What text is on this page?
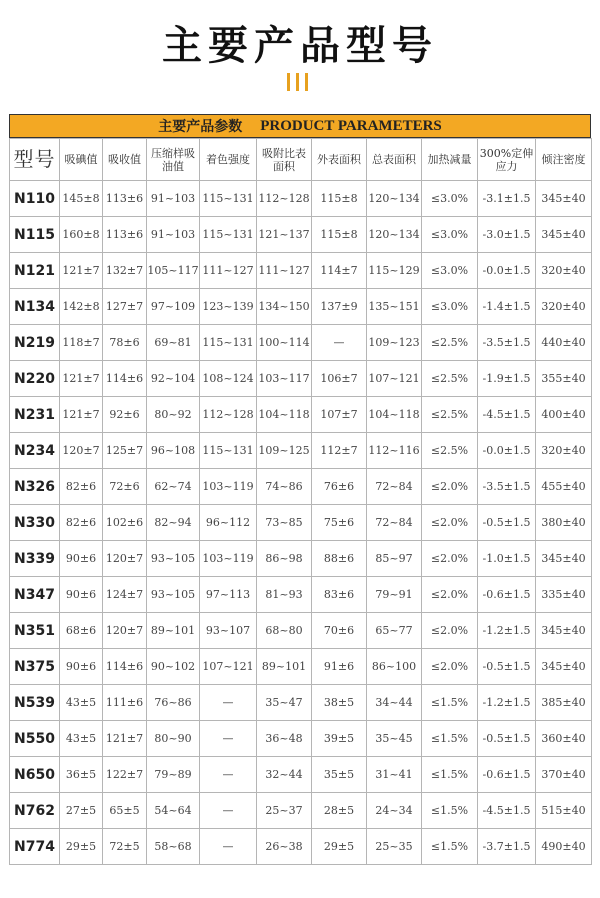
主要产品型号
主要产品参数 PRODUCT PARAMETERS
型号	吸碘值	吸收值	压缩样吸油值	着色强度	吸附比表面积	外表面积	总表面积	加热减量	300%定伸应力	倾注密度
N110	145±8	113±6	91~103	115~131	112~128	115±8	120~134	≤3.0%	-3.1±1.5	345±40
N115	160±8	113±6	91~103	115~131	121~137	115±8	120~134	≤3.0%	-3.0±1.5	345±40
N121	121±7	132±7	105~117	111~127	111~127	114±7	115~129	≤3.0%	-0.0±1.5	320±40
N134	142±8	127±7	97~109	123~139	134~150	137±9	135~151	≤3.0%	-1.4±1.5	320±40
N219	118±7	78±6	69~81	115~131	100~114	—	109~123	≤2.5%	-3.5±1.5	440±40
N220	121±7	114±6	92~104	108~124	103~117	106±7	107~121	≤2.5%	-1.9±1.5	355±40
N231	121±7	92±6	80~92	112~128	104~118	107±7	104~118	≤2.5%	-4.5±1.5	400±40
N234	120±7	125±7	96~108	115~131	109~125	112±7	112~116	≤2.5%	-0.0±1.5	320±40
N326	82±6	72±6	62~74	103~119	74~86	76±6	72~84	≤2.0%	-3.5±1.5	455±40
N330	82±6	102±6	82~94	96~112	73~85	75±6	72~84	≤2.0%	-0.5±1.5	380±40
N339	90±6	120±7	93~105	103~119	86~98	88±6	85~97	≤2.0%	-1.0±1.5	345±40
N347	90±6	124±7	93~105	97~113	81~93	83±6	79~91	≤2.0%	-0.6±1.5	335±40
N351	68±6	120±7	89~101	93~107	68~80	70±6	65~77	≤2.0%	-1.2±1.5	345±40
N375	90±6	114±6	90~102	107~121	89~101	91±6	86~100	≤2.0%	-0.5±1.5	345±40
N539	43±5	111±6	76~86	—	35~47	38±5	34~44	≤1.5%	-1.2±1.5	385±40
N550	43±5	121±7	80~90	—	36~48	39±5	35~45	≤1.5%	-0.5±1.5	360±40
N650	36±5	122±7	79~89	—	32~44	35±5	31~41	≤1.5%	-0.6±1.5	370±40
N762	27±5	65±5	54~64	—	25~37	28±5	24~34	≤1.5%	-4.5±1.5	515±40
N774	29±5	72±5	58~68	—	26~38	29±5	25~35	≤1.5%	-3.7±1.5	490±40
